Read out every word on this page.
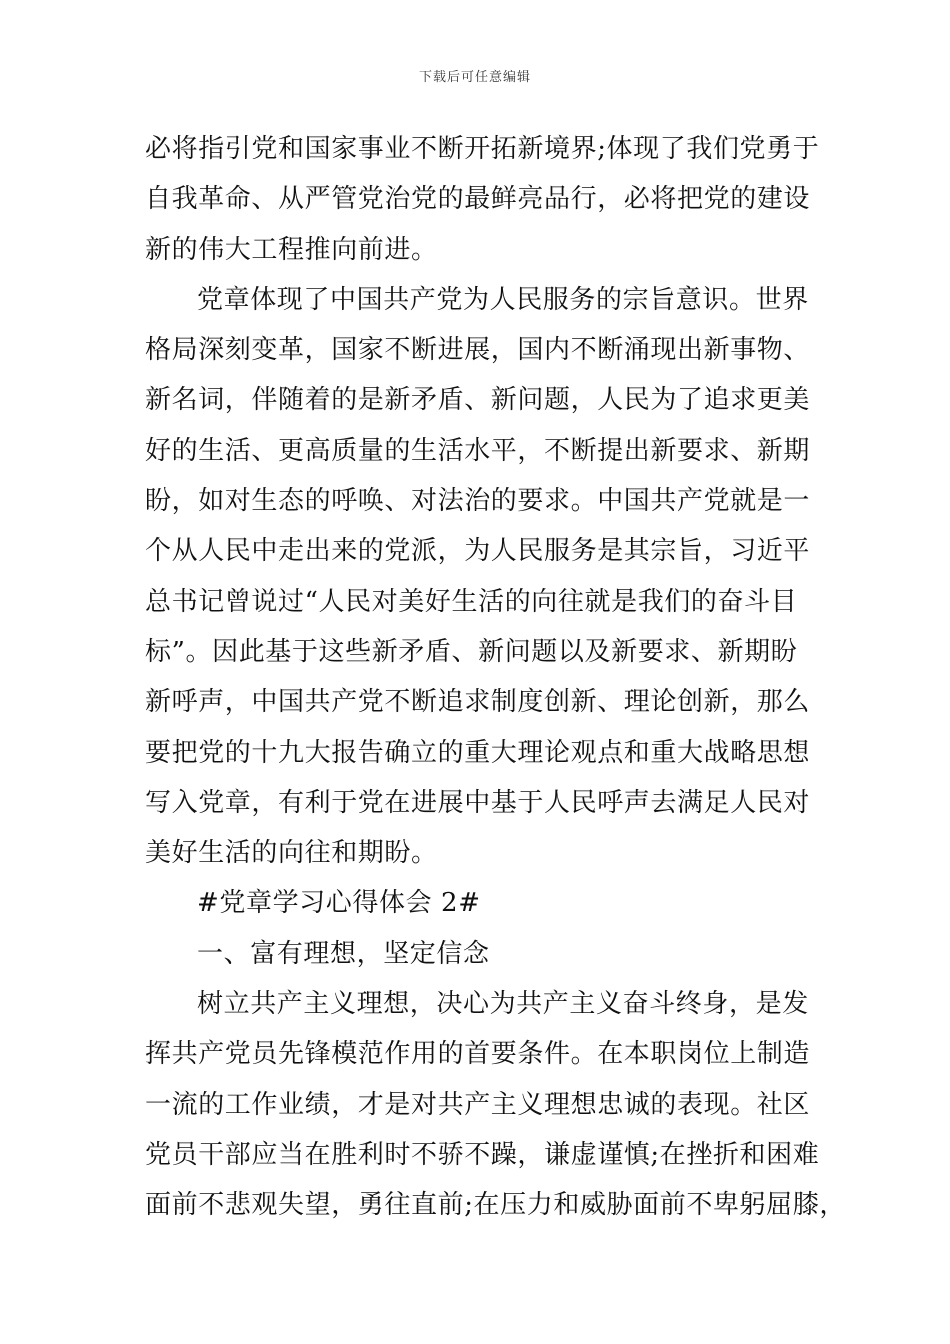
下载后可任意编辑
必将指引党和国家事业不断开拓新境界;体现了我们党勇于
自我革命、从严管党治党的最鲜亮品行，必将把党的建设
新的伟大工程推向前进。
党章体现了中国共产党为人民服务的宗旨意识。世界
格局深刻变革，国家不断进展，国内不断涌现出新事物、
新名词，伴随着的是新矛盾、新问题，人民为了追求更美
好的生活、更高质量的生活水平，不断提出新要求、新期
盼，如对生态的呼唤、对法治的要求。中国共产党就是一
个从人民中走出来的党派，为人民服务是其宗旨，习近平
总书记曾说过“人民对美好生活的向往就是我们的奋斗目
标”。因此基于这些新矛盾、新问题以及新要求、新期盼
新呼声，中国共产党不断追求制度创新、理论创新，那么
要把党的十九大报告确立的重大理论观点和重大战略思想
写入党章，有利于党在进展中基于人民呼声去满足人民对
美好生活的向往和期盼。
#党章学习心得体会 2#
一、富有理想，坚定信念
树立共产主义理想，决心为共产主义奋斗终身，是发
挥共产党员先锋模范作用的首要条件。在本职岗位上制造
一流的工作业绩，才是对共产主义理想忠诚的表现。社区
党员干部应当在胜利时不骄不躁，谦虚谨慎;在挫折和困难
面前不悲观失望，勇往直前;在压力和威胁面前不卑躬屈膝，
